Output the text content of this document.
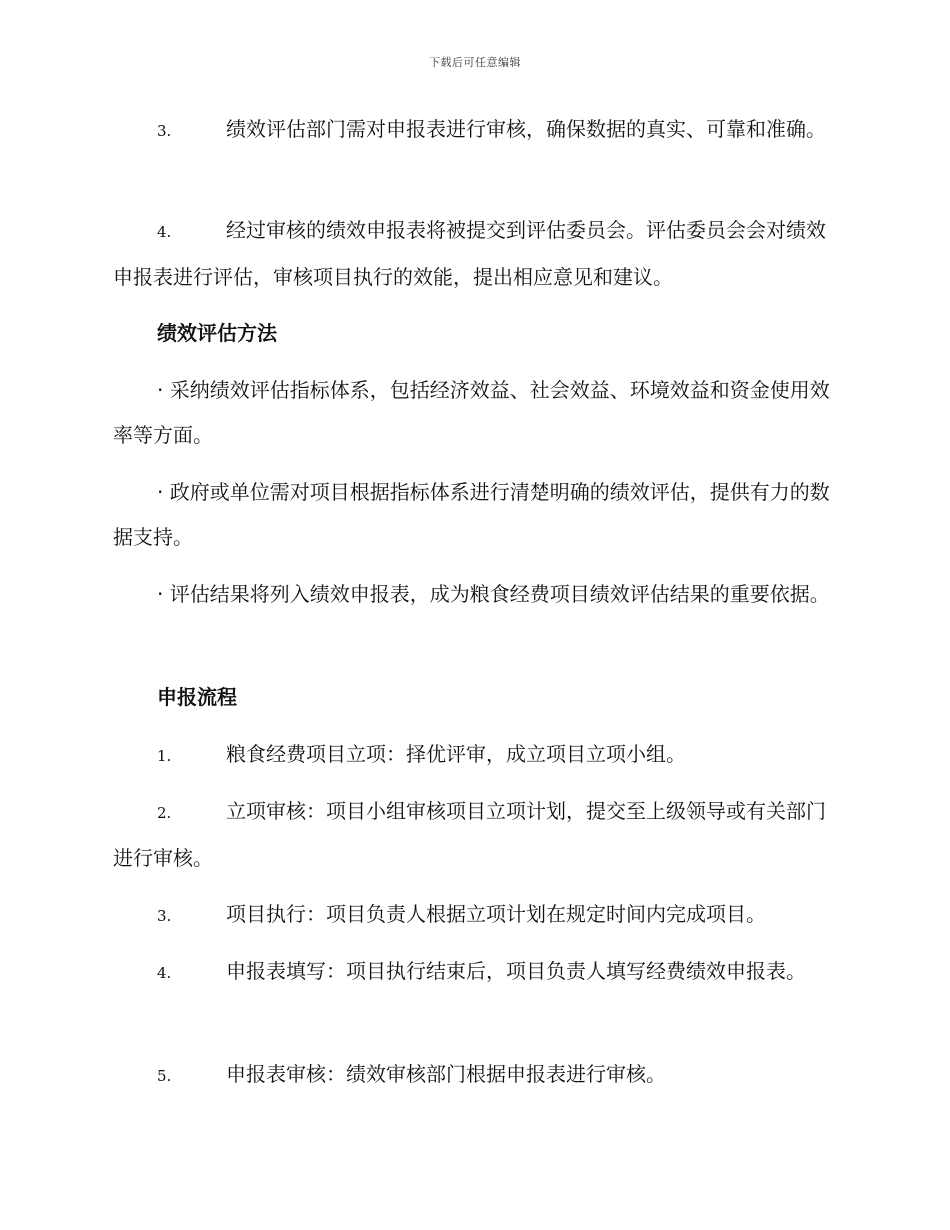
下载后可任意编辑

3.	绩效评估部门需对申报表进行审核，确保数据的真实、可靠和准确。

4.	经过审核的绩效申报表将被提交到评估委员会。评估委员会会对绩效申报表进行评估，审核项目执行的效能，提出相应意见和建议。

绩效评估方法

· 采纳绩效评估指标体系，包括经济效益、社会效益、环境效益和资金使用效率等方面。

· 政府或单位需对项目根据指标体系进行清楚明确的绩效评估，提供有力的数据支持。

· 评估结果将列入绩效申报表，成为粮食经费项目绩效评估结果的重要依据。

申报流程

1.	粮食经费项目立项：择优评审，成立项目立项小组。

2.	立项审核：项目小组审核项目立项计划，提交至上级领导或有关部门进行审核。

3.	项目执行：项目负责人根据立项计划在规定时间内完成项目。

4.	申报表填写：项目执行结束后，项目负责人填写经费绩效申报表。

5.	申报表审核：绩效审核部门根据申报表进行审核。
